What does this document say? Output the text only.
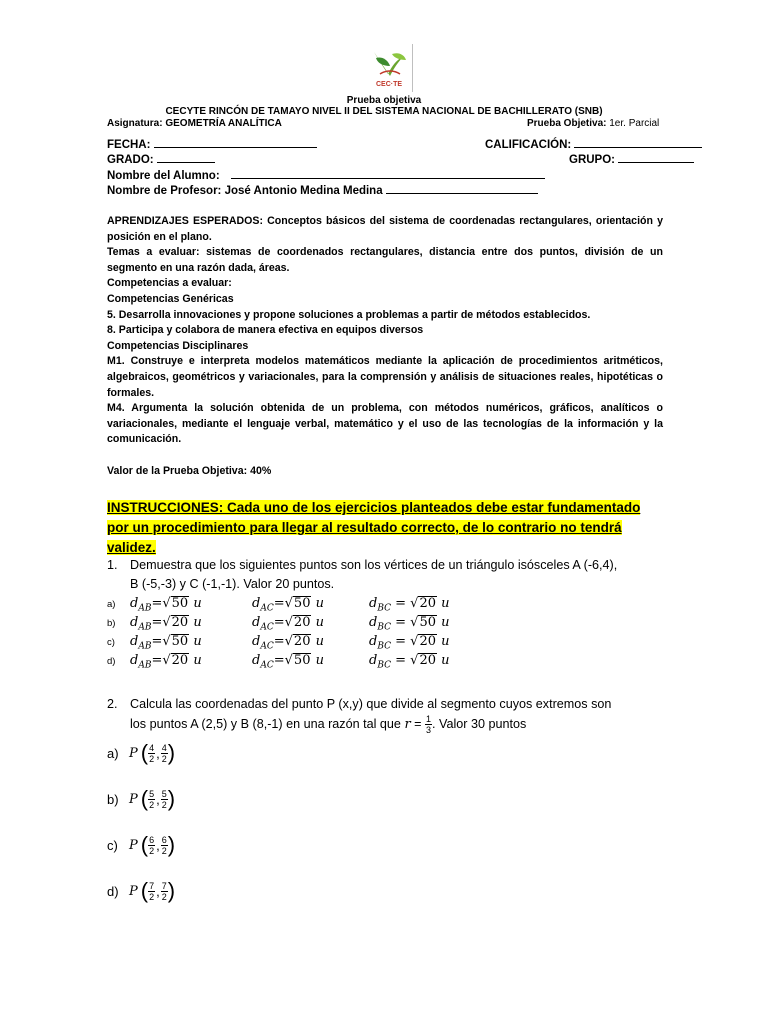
CEC·TE
Prueba objetiva
CECYTE RINCÓN DE TAMAYO NIVEL II DEL SISTEMA NACIONAL DE BACHILLERATO (SNB)
Asignatura: GEOMETRÍA ANALÍTICA	Prueba Objetiva: 1er. Parcial
FECHA:	CALIFICACIÓN:
GRADO:	GRUPO:
Nombre del Alumno:
Nombre de Profesor: José Antonio Medina Medina

APRENDIZAJES ESPERADOS: Conceptos básicos del sistema de coordenadas rectangulares, orientación y posición en el plano.

Temas a evaluar: sistemas de coordenados rectangulares, distancia entre dos puntos, división de un segmento en una razón dada, áreas.

Competencias a evaluar:

Competencias Genéricas

5. Desarrolla innovaciones y propone soluciones a problemas a partir de métodos establecidos.

8. Participa y colabora de manera efectiva en equipos diversos

Competencias Disciplinares

M1. Construye e interpreta modelos matemáticos mediante la aplicación de procedimientos aritméticos, algebraicos, geométricos y variacionales, para la comprensión y análisis de situaciones reales, hipotéticas o formales.

M4. Argumenta la solución obtenida de un problema, con métodos numéricos, gráficos, analíticos o variacionales, mediante el lenguaje verbal, matemático y el uso de las tecnologías de la información y la comunicación.

Valor de la Prueba Objetiva: 40%

INSTRUCCIONES: Cada uno de los ejercicios planteados debe estar fundamentado por un procedimiento para llegar al resultado correcto, de lo contrario no tendrá validez.
1. Demuestra que los siguientes puntos son los vértices de un triángulo isósceles A (-6,4),
B (-5,-3) y C (-1,-1). Valor 20 puntos.
a) $d_{AB}=√50$ u	$d_{AC}=√50$ u	$d_{BC} = √20$ u
b) $d_{AB}=√20$ u	$d_{AC}=√20$ u	$d_{BC} = √50$ u
c) $d_{AB}=√50$ u	$d_{AC}=√20$ u	$d_{BC} = √20$ u
d) $d_{AB}=√20$ u	$d_{AC}=√50$ u	$d_{BC} = √20$ u
2. Calcula las coordenadas del punto P (x,y) que divide al segmento cuyos extremos son
los puntos A (2,5) y B (8,-1) en una razón tal que $r = \frac{1}{3}$ . Valor 30 puntos
a) P ( $\frac{4}{2}$ , $\frac{4}{2}$ )
b) P ( $\frac{5}{2}$ , $\frac{5}{2}$ )
c) P ( $\frac{6}{2}$ , $\frac{6}{2}$ )
d) P ( $\frac{7}{2}$ , $\frac{7}{2}$ )
